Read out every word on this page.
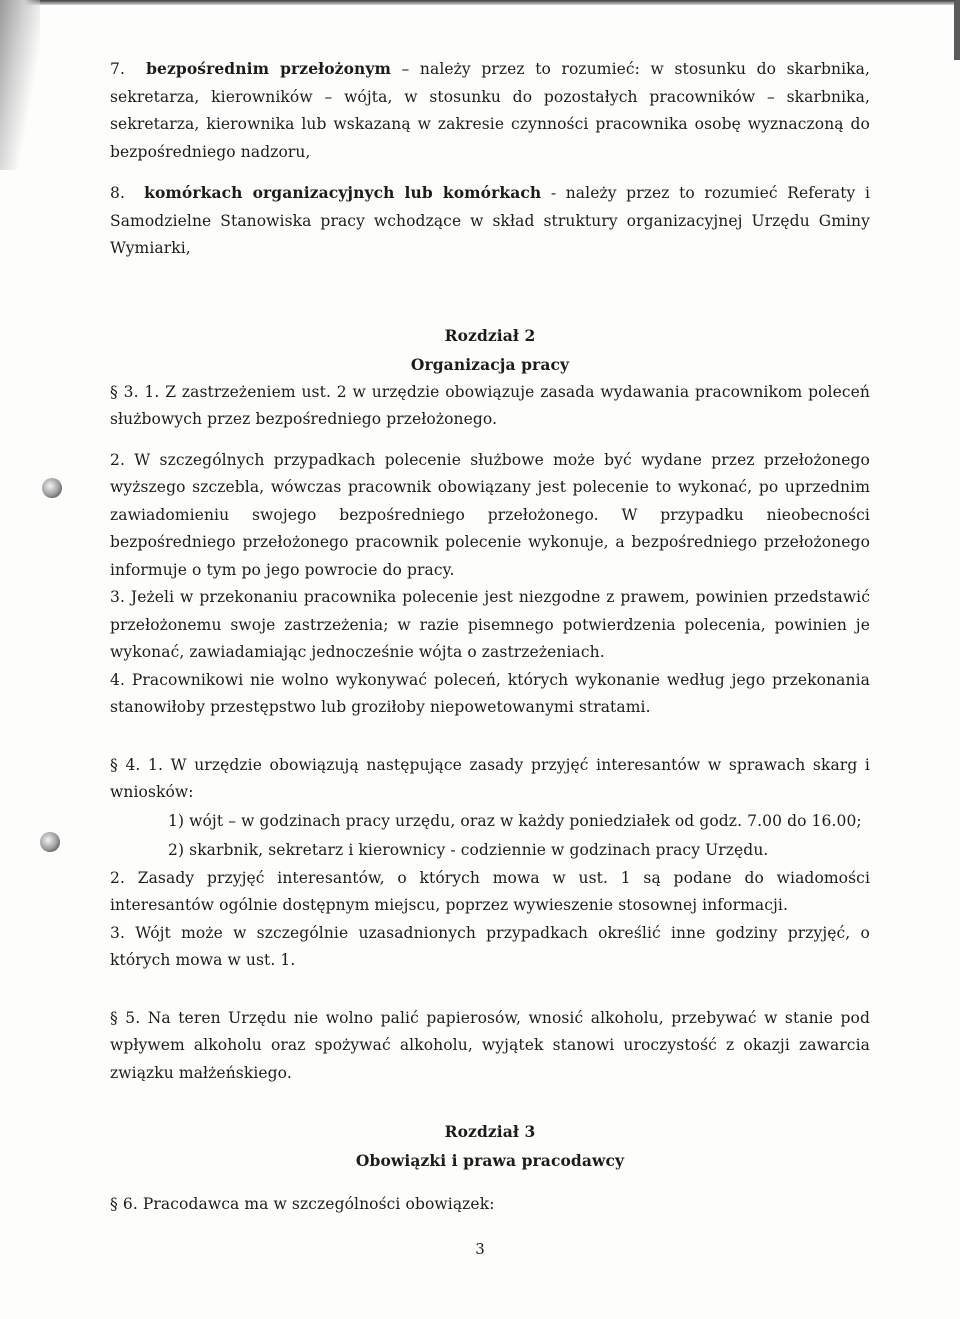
7. bezpośrednim przełożonym – należy przez to rozumieć: w stosunku do skarbnika, sekretarza, kierowników – wójta, w stosunku do pozostałych pracowników – skarbnika, sekretarza, kierownika lub wskazaną w zakresie czynności pracownika osobę wyznaczoną do bezpośredniego nadzoru,

8. komórkach organizacyjnych lub komórkach - należy przez to rozumieć Referaty i Samodzielne Stanowiska pracy wchodzące w skład struktury organizacyjnej Urzędu Gminy Wymiarki,

Rozdział 2
Organizacja pracy

§ 3. 1. Z zastrzeżeniem ust. 2 w urzędzie obowiązuje zasada wydawania pracownikom poleceń służbowych przez bezpośredniego przełożonego.

2. W szczególnych przypadkach polecenie służbowe może być wydane przez przełożonego wyższego szczebla, wówczas pracownik obowiązany jest polecenie to wykonać, po uprzednim zawiadomieniu swojego bezpośredniego przełożonego. W przypadku nieobecności bezpośredniego przełożonego pracownik polecenie wykonuje, a bezpośredniego przełożonego informuje o tym po jego powrocie do pracy.

3. Jeżeli w przekonaniu pracownika polecenie jest niezgodne z prawem, powinien przedstawić przełożonemu swoje zastrzeżenia; w razie pisemnego potwierdzenia polecenia, powinien je wykonać, zawiadamiając jednocześnie wójta o zastrzeżeniach.

4. Pracownikowi nie wolno wykonywać poleceń, których wykonanie według jego przekonania stanowiłoby przestępstwo lub groziłoby niepowetowanymi stratami.

§ 4. 1. W urzędzie obowiązują następujące zasady przyjęć interesantów w sprawach skarg i wniosków:

1) wójt – w godzinach pracy urzędu, oraz w każdy poniedziałek od godz. 7.00 do 16.00;
2) skarbnik, sekretarz i kierownicy - codziennie w godzinach pracy Urzędu.

2. Zasady przyjęć interesantów, o których mowa w ust. 1 są podane do wiadomości interesantów ogólnie dostępnym miejscu, poprzez wywieszenie stosownej informacji.

3. Wójt może w szczególnie uzasadnionych przypadkach określić inne godziny przyjęć, o których mowa w ust. 1.

§ 5. Na teren Urzędu nie wolno palić papierosów, wnosić alkoholu, przebywać w stanie pod wpływem alkoholu oraz spożywać alkoholu, wyjątek stanowi uroczystość z okazji zawarcia związku małżeńskiego.

Rozdział 3
Obowiązki i prawa pracodawcy

§ 6. Pracodawca ma w szczególności obowiązek:

3
